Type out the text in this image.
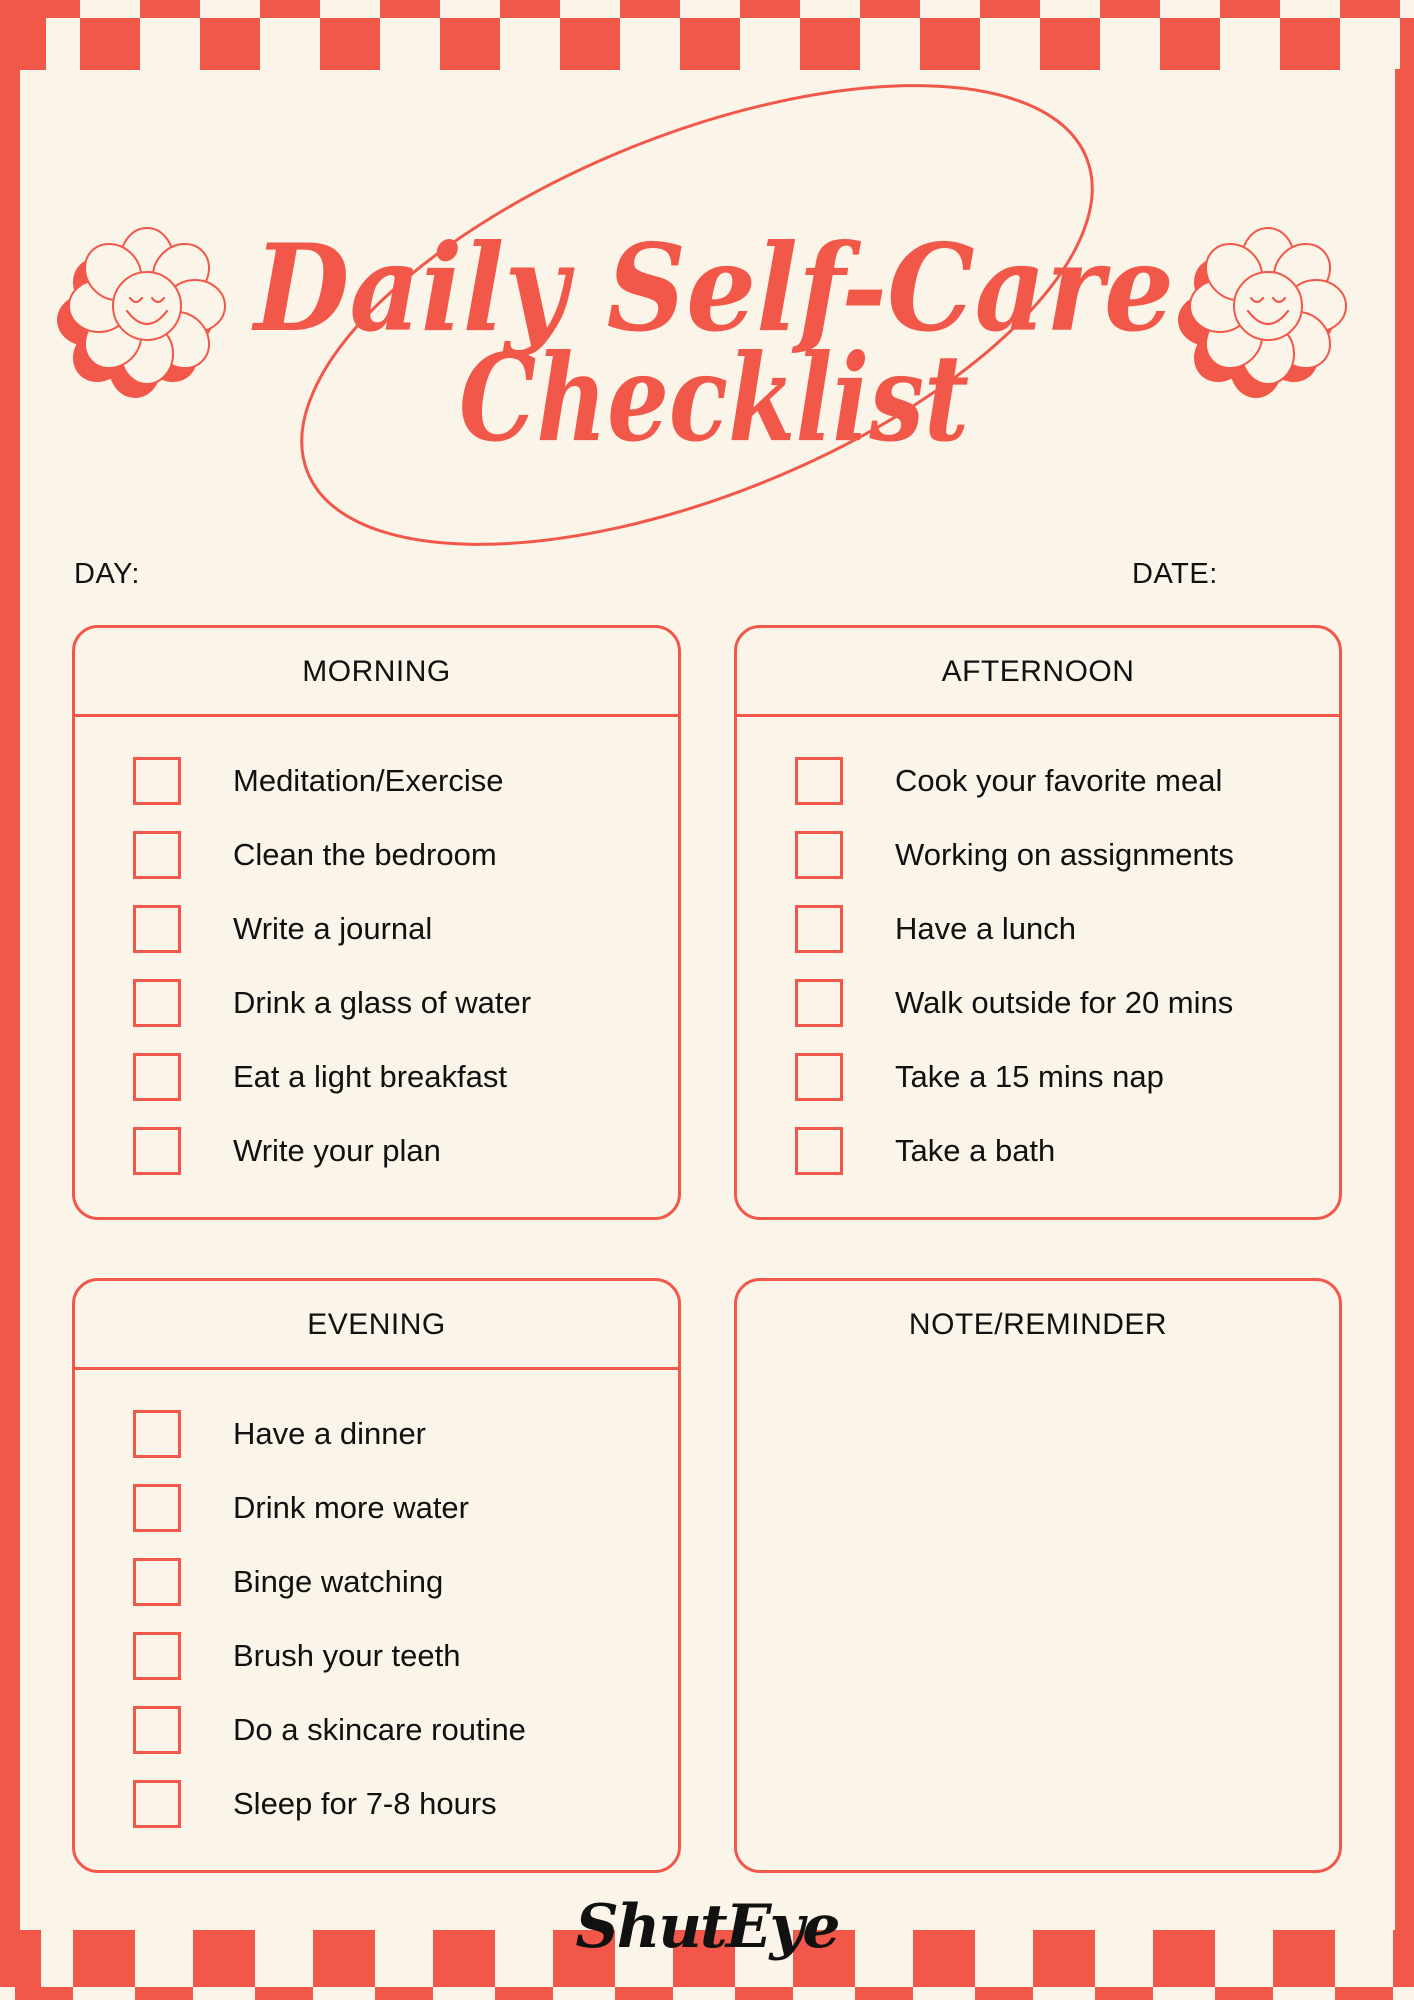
Daily Self-Care
Checklist
DAY:	DATE:
MORNING
Meditation/Exercise
Clean the bedroom
Write a journal
Drink a glass of water
Eat a light breakfast
Write your plan
AFTERNOON
Cook your favorite meal
Working on assignments
Have a lunch
Walk outside for 20 mins
Take a 15 mins nap
Take a bath
EVENING
Have a dinner
Drink more water
Binge watching
Brush your teeth
Do a skincare routine
Sleep for 7-8 hours
NOTE/REMINDER
ShutEye
